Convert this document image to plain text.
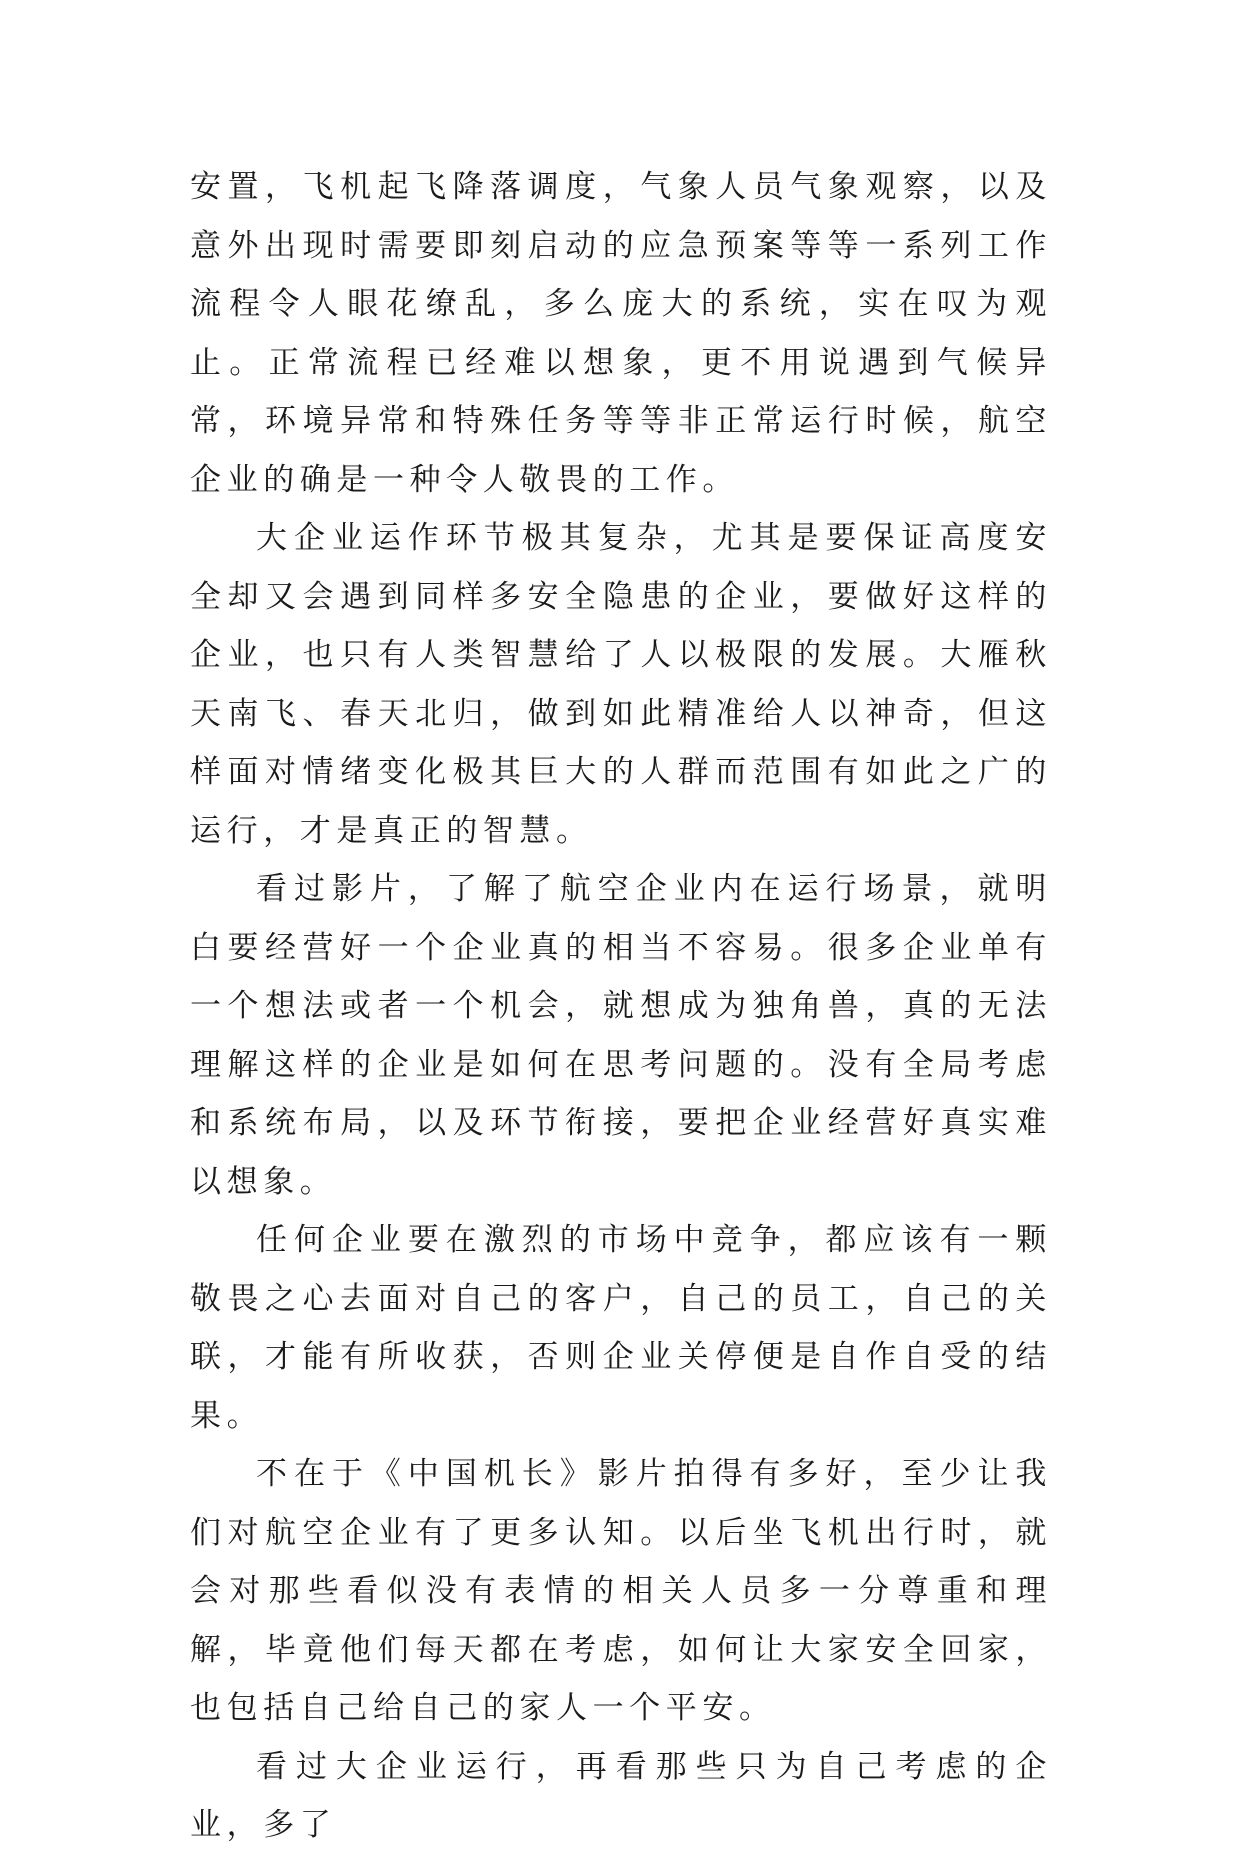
安置，飞机起飞降落调度，气象人员气象观察，以及意外出现时需要即刻启动的应急预案等等一系列工作流程令人眼花缭乱，多么庞大的系统，实在叹为观止。正常流程已经难以想象，更不用说遇到气候异常，环境异常和特殊任务等等非正常运行时候，航空企业的确是一种令人敬畏的工作。

大企业运作环节极其复杂，尤其是要保证高度安全却又会遇到同样多安全隐患的企业，要做好这样的企业，也只有人类智慧给了人以极限的发展。大雁秋天南飞、春天北归，做到如此精准给人以神奇，但这样面对情绪变化极其巨大的人群而范围有如此之广的运行，才是真正的智慧。

看过影片，了解了航空企业内在运行场景，就明白要经营好一个企业真的相当不容易。很多企业单有一个想法或者一个机会，就想成为独角兽，真的无法理解这样的企业是如何在思考问题的。没有全局考虑和系统布局，以及环节衔接，要把企业经营好真实难以想象。

任何企业要在激烈的市场中竞争，都应该有一颗敬畏之心去面对自己的客户，自己的员工，自己的关联，才能有所收获，否则企业关停便是自作自受的结果。

不在于《中国机长》影片拍得有多好，至少让我们对航空企业有了更多认知。以后坐飞机出行时，就会对那些看似没有表情的相关人员多一分尊重和理解，毕竟他们每天都在考虑，如何让大家安全回家，也包括自己给自己的家人一个平安。

看过大企业运行，再看那些只为自己考虑的企业，多了
